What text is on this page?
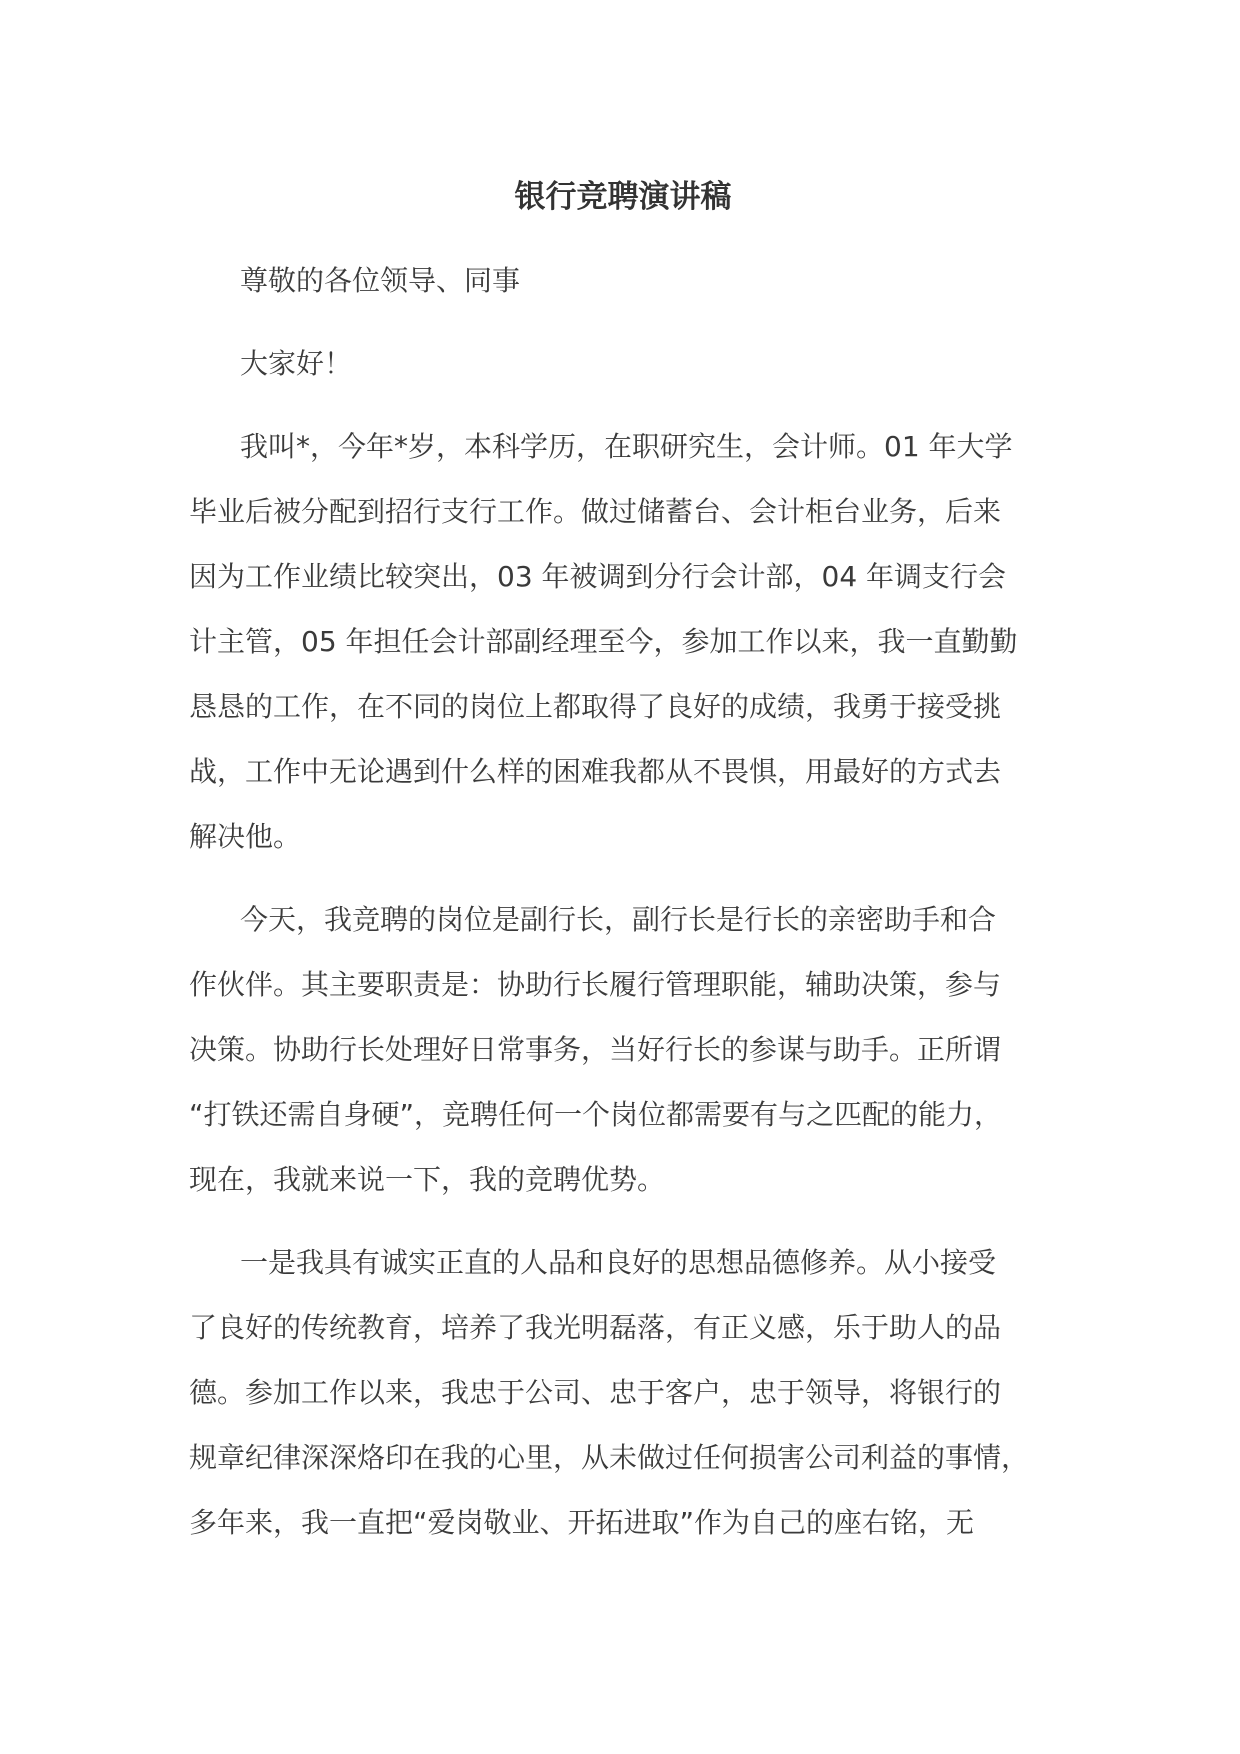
银行竞聘演讲稿
尊敬的各位领导、同事
大家好！
我叫*，今年*岁，本科学历，在职研究生，会计师。01 年大学
毕业后被分配到招行支行工作。做过储蓄台、会计柜台业务，后来
因为工作业绩比较突出，03 年被调到分行会计部，04 年调支行会
计主管，05 年担任会计部副经理至今，参加工作以来，我一直勤勤
恳恳的工作，在不同的岗位上都取得了良好的成绩，我勇于接受挑
战，工作中无论遇到什么样的困难我都从不畏惧，用最好的方式去
解决他。
今天，我竞聘的岗位是副行长，副行长是行长的亲密助手和合
作伙伴。其主要职责是：协助行长履行管理职能，辅助决策，参与
决策。协助行长处理好日常事务，当好行长的参谋与助手。正所谓
“打铁还需自身硬”，竞聘任何一个岗位都需要有与之匹配的能力，
现在，我就来说一下，我的竞聘优势。
一是我具有诚实正直的人品和良好的思想品德修养。从小接受
了良好的传统教育，培养了我光明磊落，有正义感，乐于助人的品
德。参加工作以来，我忠于公司、忠于客户，忠于领导，将银行的
规章纪律深深烙印在我的心里，从未做过任何损害公司利益的事情，
多年来，我一直把“爱岗敬业、开拓进取”作为自己的座右铭，无
